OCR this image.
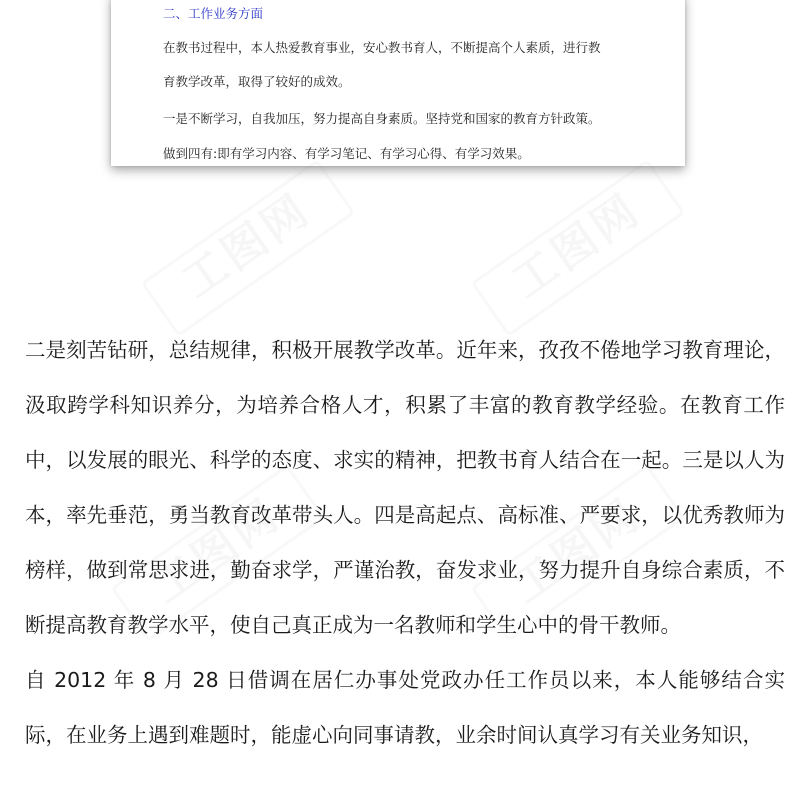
二、工作业务方面
在教书过程中，本人热爱教育事业，安心教书育人，不断提高个人素质，进行教
育教学改革，取得了较好的成效。
一是不断学习，自我加压，努力提高自身素质。坚持党和国家的教育方针政策。
做到四有:即有学习内容、有学习笔记、有学习心得、有学习效果。
工图网	工图网
工图网	工图网

二是刻苦钻研，总结规律，积极开展教学改革。近年来，孜孜不倦地学习教育理论，汲取跨学科知识养分，为培养合格人才，积累了丰富的教育教学经验。在教育工作中，以发展的眼光、科学的态度、求实的精神，把教书育人结合在一起。三是以人为本，率先垂范，勇当教育改革带头人。四是高起点、高标准、严要求，以优秀教师为榜样，做到常思求进，勤奋求学，严谨治教，奋发求业，努力提升自身综合素质，不断提高教育教学水平，使自己真正成为一名教师和学生心中的骨干教师。

自 2012 年 8 月 28 日借调在居仁办事处党政办任工作员以来，本人能够结合实际，在业务上遇到难题时，能虚心向同事请教，业余时间认真学习有关业务知识，
